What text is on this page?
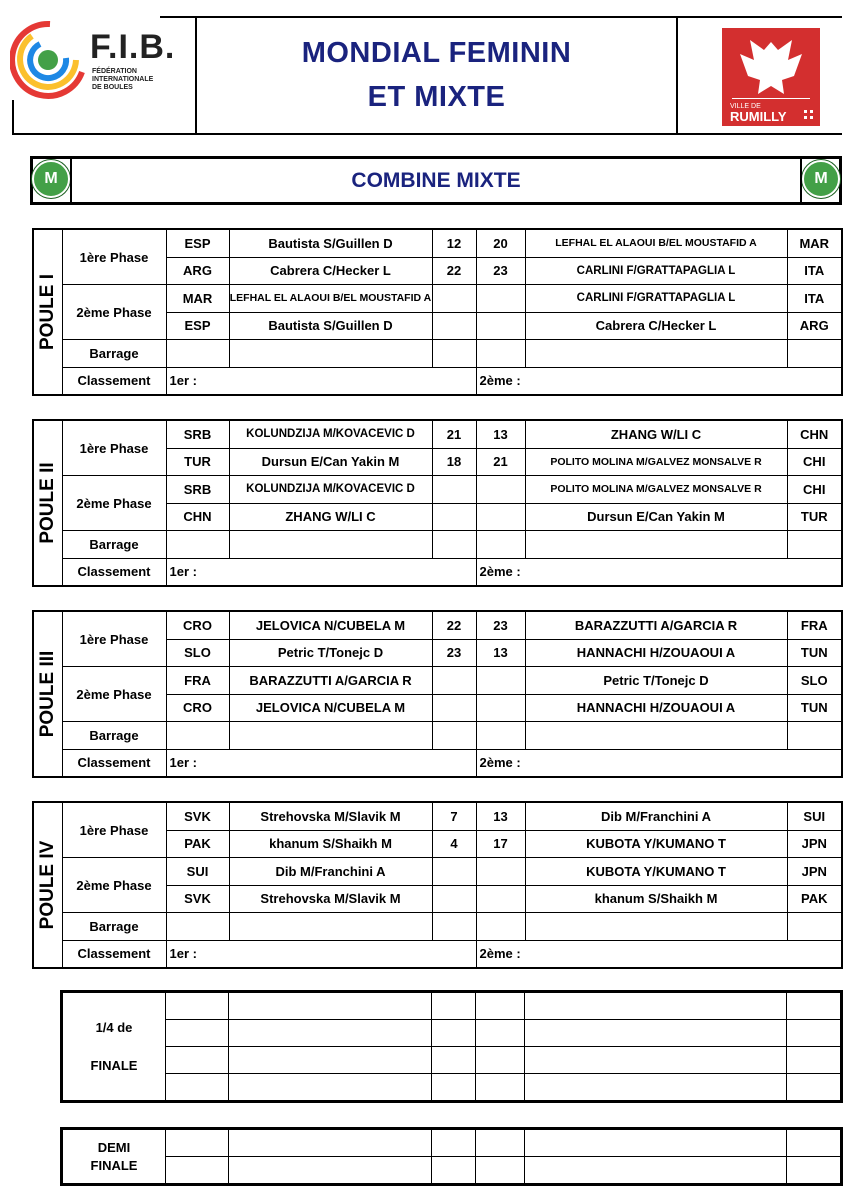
F.I.B.
FÉDÉRATION
INTERNATIONALE
DE BOULES
MONDIAL FEMININ
ET MIXTE	VILLE DE
RUMILLY
M	M
COMBINE MIXTE
POULE I	1ère Phase	ESP	Bautista S/Guillen D	12	20	LEFHAL EL ALAOUI B/EL MOUSTAFID A	MAR
		ARG	Cabrera C/Hecker L	22	23	CARLINI F/GRATTAPAGLIA L	ITA
	2ème Phase	MAR	LEFHAL EL ALAOUI B/EL MOUSTAFID A			CARLINI F/GRATTAPAGLIA L	ITA
		ESP	Bautista S/Guillen D			Cabrera C/Hecker L	ARG
	Barrage						
	Classement	1er :			2ème :		
POULE II	1ère Phase	SRB	KOLUNDZIJA M/KOVACEVIC D	21	13	ZHANG W/LI C	CHN
		TUR	Dursun E/Can Yakin M	18	21	POLITO MOLINA M/GALVEZ MONSALVE R	CHI
	2ème Phase	SRB	KOLUNDZIJA M/KOVACEVIC D			POLITO MOLINA M/GALVEZ MONSALVE R	CHI
		CHN	ZHANG W/LI C			Dursun E/Can Yakin M	TUR
	Barrage						
	Classement	1er :			2ème :		
POULE III	1ère Phase	CRO	JELOVICA N/CUBELA M	22	23	BARAZZUTTI A/GARCIA R	FRA
		SLO	Petric T/Tonejc D	23	13	HANNACHI H/ZOUAOUI A	TUN
	2ème Phase	FRA	BARAZZUTTI A/GARCIA R			Petric T/Tonejc D	SLO
		CRO	JELOVICA N/CUBELA M			HANNACHI H/ZOUAOUI A	TUN
	Barrage						
	Classement	1er :			2ème :		
POULE IV	1ère Phase	SVK	Strehovska M/Slavik M	7	13	Dib M/Franchini A	SUI
		PAK	khanum S/Shaikh M	4	17	KUBOTA Y/KUMANO T	JPN
	2ème Phase	SUI	Dib M/Franchini A			KUBOTA Y/KUMANO T	JPN
		SVK	Strehovska M/Slavik M			khanum S/Shaikh M	PAK
	Barrage						
	Classement	1er :			2ème :		
1/4 de
FINALE						

DEMI
FINALE						
